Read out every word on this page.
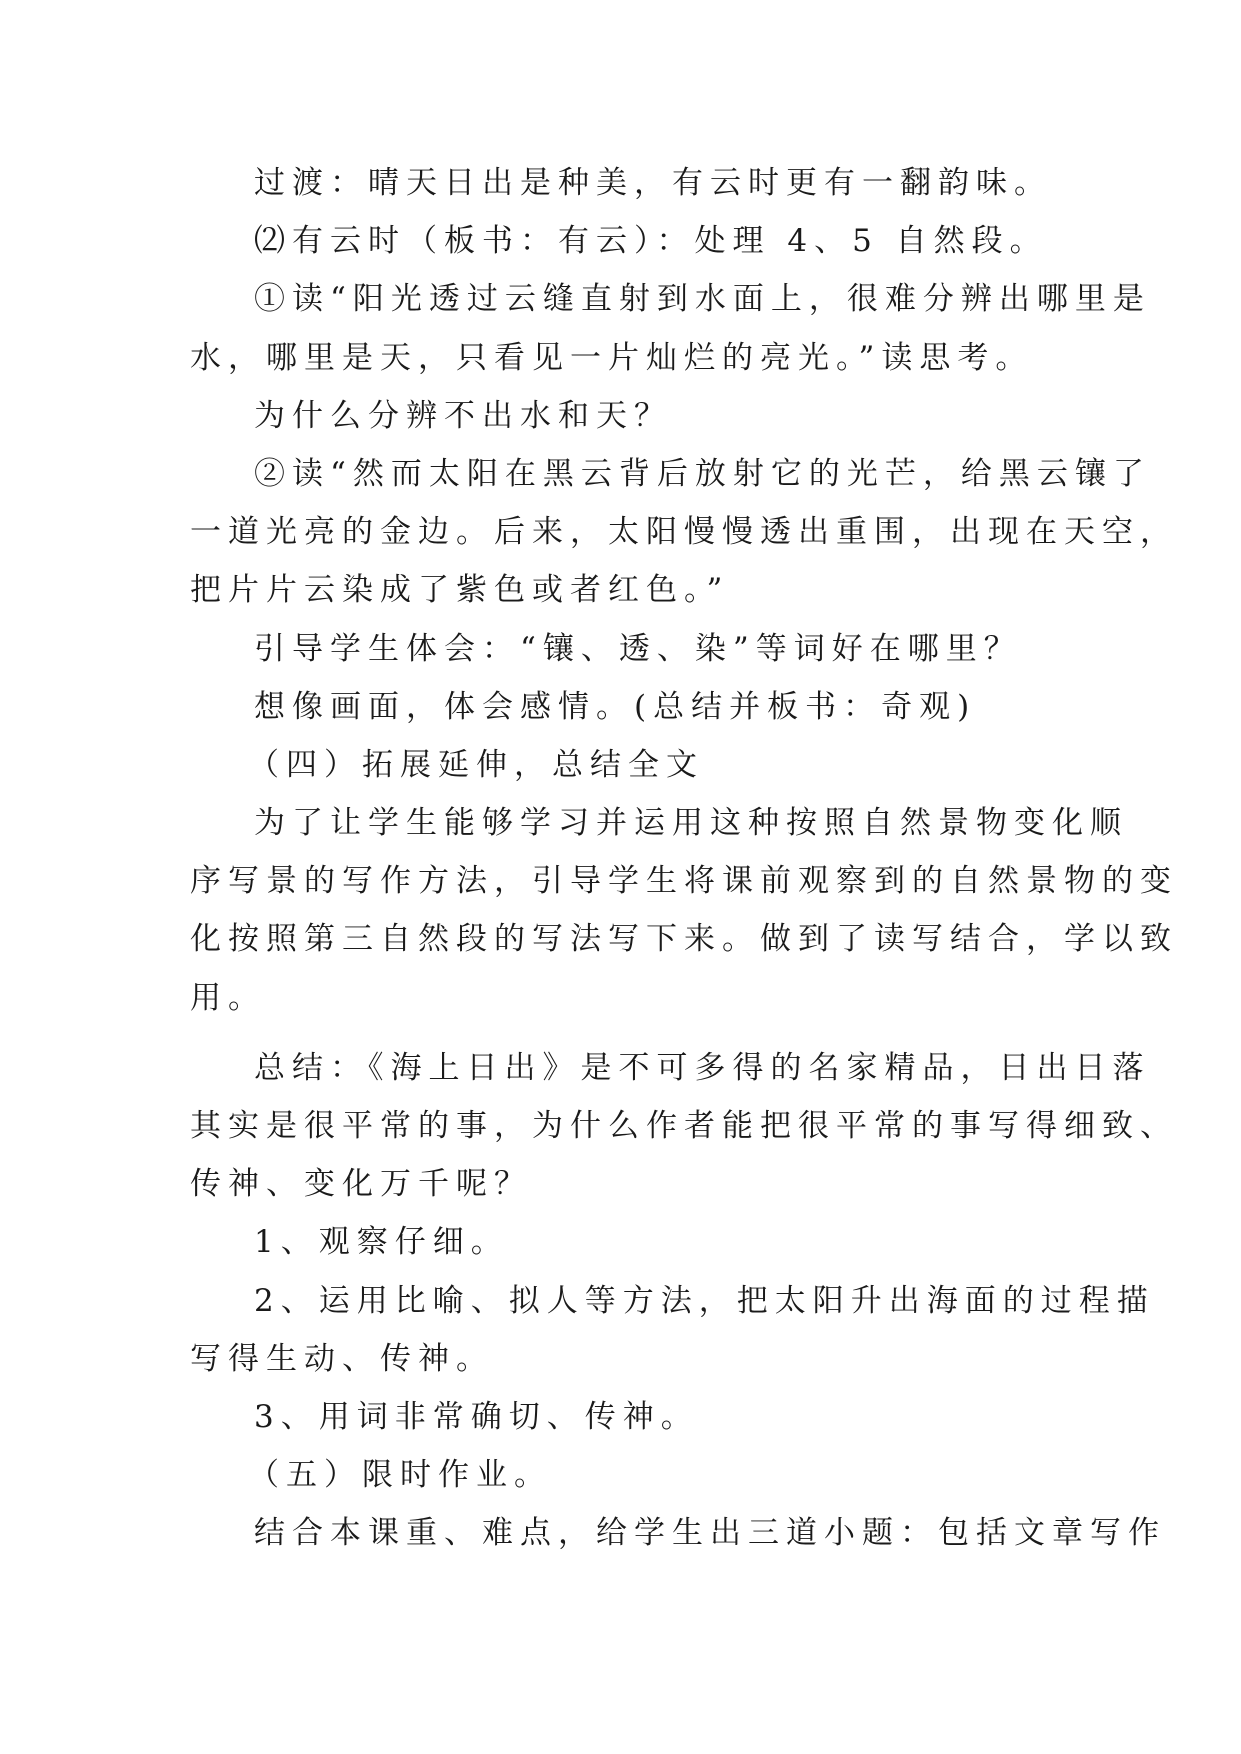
过渡：晴天日出是种美，有云时更有一翻韵味。
⑵有云时（板书：有云）：处理 4、5 自然段。
①读“阳光透过云缝直射到水面上，很难分辨出哪里是
水，哪里是天，只看见一片灿烂的亮光。”读思考。
为什么分辨不出水和天？
②读“然而太阳在黑云背后放射它的光芒，给黑云镶了
一道光亮的金边。后来，太阳慢慢透出重围，出现在天空，
把片片云染成了紫色或者红色。”
引导学生体会：“镶、透、染”等词好在哪里？
想像画面，体会感情。(总结并板书：奇观)
（四）拓展延伸，总结全文
为了让学生能够学习并运用这种按照自然景物变化顺
序写景的写作方法，引导学生将课前观察到的自然景物的变
化按照第三自然段的写法写下来。做到了读写结合，学以致
用。
总结：《海上日出》是不可多得的名家精品，日出日落
其实是很平常的事，为什么作者能把很平常的事写得细致、
传神、变化万千呢？
1、观察仔细。
2、运用比喻、拟人等方法，把太阳升出海面的过程描
写得生动、传神。
3、用词非常确切、传神。
（五）限时作业。
结合本课重、难点，给学生出三道小题：包括文章写作
